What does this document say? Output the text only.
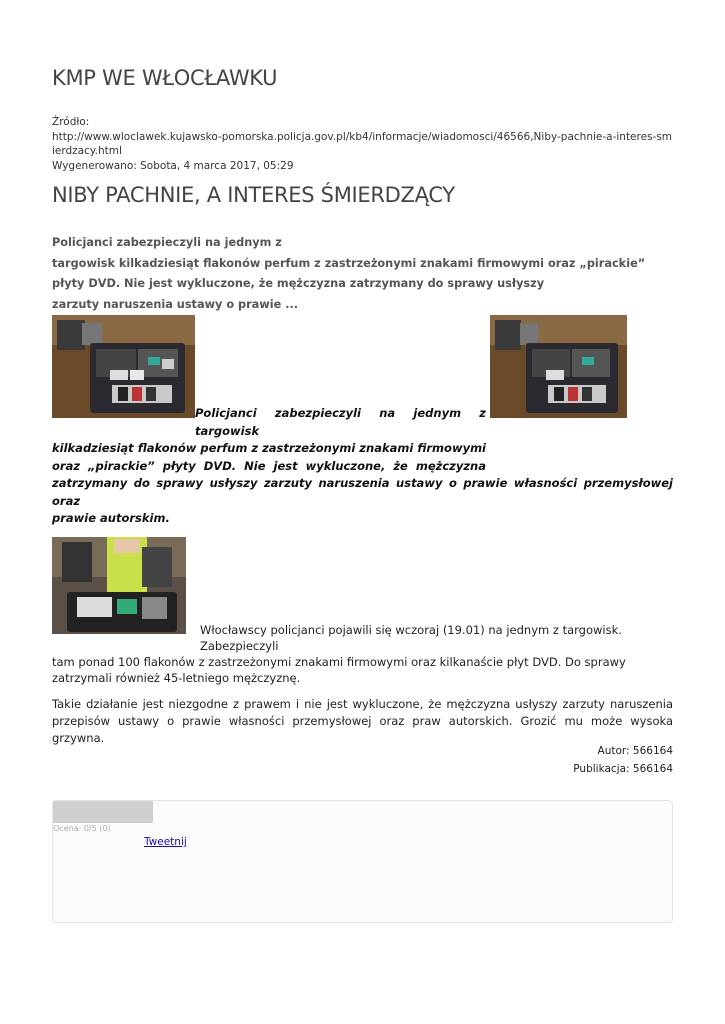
KMP WE WŁOCŁAWKU
Źródło:
http://www.wloclawek.kujawsko-pomorska.policja.gov.pl/kb4/informacje/wiadomosci/46566,Niby-pachnie-a-interes-smierdzacy.html
Wygenerowano: Sobota, 4 marca 2017, 05:29
NIBY PACHNIE, A INTERES ŚMIERDZĄCY
Policjanci zabezpieczyli na jednym z
targowisk kilkadziesiąt flakonów perfum z zastrzeżonymi znakami firmowymi oraz „pirackie”
płyty DVD. Nie jest wykluczone, że mężczyzna zatrzymany do sprawy usłyszy
zarzuty naruszenia ustawy o prawie ...
Policjanci zabezpieczyli na jednym z targowisk
kilkadziesiąt flakonów perfum z zastrzeżonymi znakami firmowymi
oraz „pirackie” płyty DVD. Nie jest wykluczone, że mężczyzna
zatrzymany do sprawy usłyszy zarzuty naruszenia ustawy o prawie własności przemysłowej oraz
prawie autorskim.
Włocławscy policjanci pojawili się wczoraj (19.01) na jednym z targowisk. Zabezpieczyli
tam ponad 100 flakonów z zastrzeżonymi znakami firmowymi oraz kilkanaście płyt DVD. Do sprawy zatrzymali również 45-letniego mężczyznę.
Takie działanie jest niezgodne z prawem i nie jest wykluczone, że mężczyzna usłyszy zarzuty naruszenia przepisów ustawy o prawie własności przemysłowej oraz praw autorskich. Grozić mu może wysoka grzywna.
Autor: 566164
Publikacja: 566164
Ocena: 0/5 (0)
Tweetnij
